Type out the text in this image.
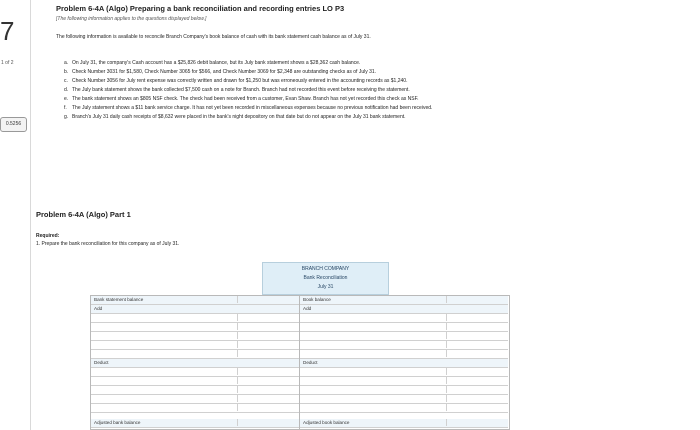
7
1 of 2
0.5256
Problem 6-4A (Algo) Preparing a bank reconciliation and recording entries LO P3
[The following information applies to the questions displayed below.]
The following information is available to reconcile Branch Company's book balance of cash with its bank statement cash balance as of July 31.
a. On July 31, the company's Cash account has a $25,826 debit balance, but its July bank statement shows a $28,362 cash balance.
b. Check Number 3031 for $1,580, Check Number 3065 for $566, and Check Number 3069 for $2,348 are outstanding checks as of July 31.
c. Check Number 3056 for July rent expense was correctly written and drawn for $1,250 but was erroneously entered in the accounting records as $1,240.
d. The July bank statement shows the bank collected $7,500 cash on a note for Branch. Branch had not recorded this event before receiving the statement.
e. The bank statement shows an $805 NSF check. The check had been received from a customer, Evan Shaw. Branch has not yet recorded this check as NSF.
f. The July statement shows a $11 bank service charge. It has not yet been recorded in miscellaneous expenses because no previous notification had been received.
g. Branch's July 31 daily cash receipts of $8,632 were placed in the bank's night depository on that date but do not appear on the July 31 bank statement.
Problem 6-4A (Algo) Part 1
Required:
1. Prepare the bank reconciliation for this company as of July 31.
BRANCH COMPANY
Bank Reconciliation
July 31
Bank statement balance
Add
Deduct
Adjusted bank balance
Book balance
Add
Deduct
Adjusted book balance
